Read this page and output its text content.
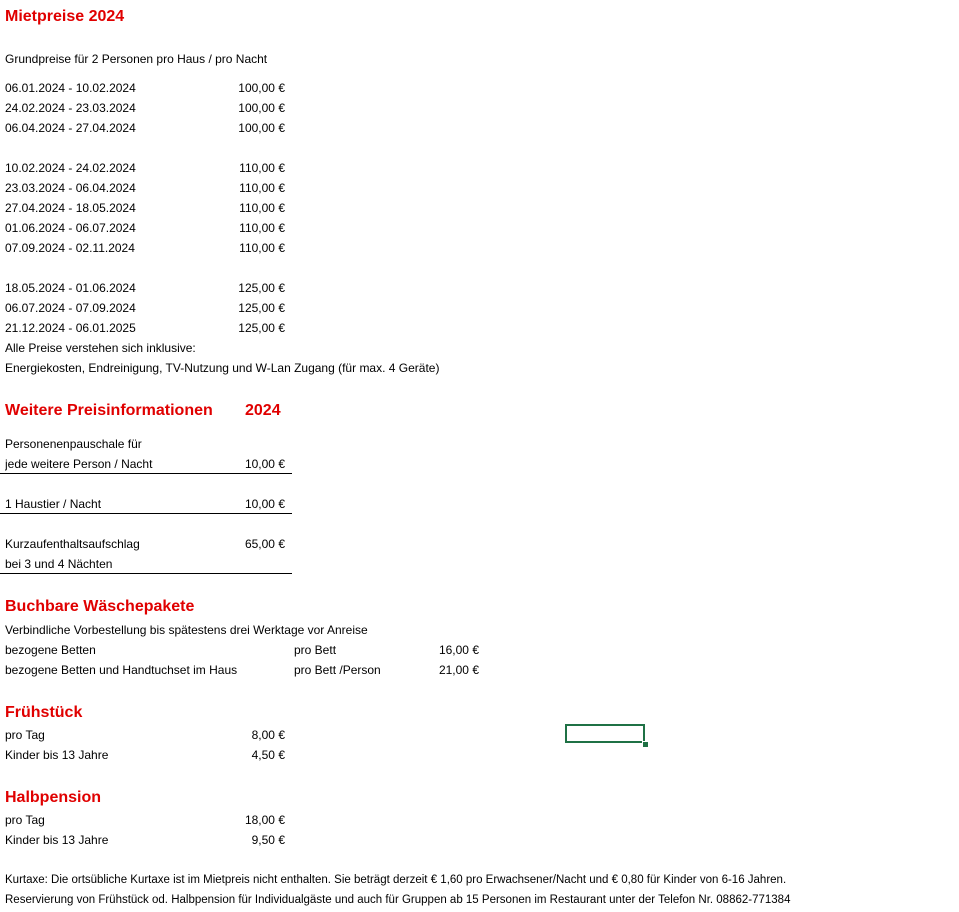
Mietpreise 2024
Grundpreise für 2 Personen pro Haus / pro Nacht
06.01.2024 - 10.02.2024	100,00 €
24.02.2024 - 23.03.2024	100,00 €
06.04.2024 - 27.04.2024	100,00 €
10.02.2024 - 24.02.2024	110,00 €
23.03.2024 - 06.04.2024	110,00 €
27.04.2024 - 18.05.2024	110,00 €
01.06.2024 - 06.07.2024	110,00 €
07.09.2024 - 02.11.2024	110,00 €
18.05.2024 - 01.06.2024	125,00 €
06.07.2024 - 07.09.2024	125,00 €
21.12.2024 - 06.01.2025	125,00 €
Alle Preise verstehen sich inklusive:
Energiekosten, Endreinigung, TV-Nutzung und W-Lan Zugang (für max. 4 Geräte)
Weitere Preisinformationen 2024
Personenenpauschale für
jede weitere Person / Nacht	10,00 €
1 Haustier / Nacht	10,00 €
Kurzaufenthaltsaufschlag	65,00 €
bei 3 und 4 Nächten
Buchbare Wäschepakete
Verbindliche Vorbestellung bis spätestens drei Werktage vor Anreise
bezogene Betten	pro Bett	16,00 €
bezogene Betten und Handtuchset im Haus	pro Bett /Person	21,00 €
Frühstück
pro Tag	8,00 €
Kinder bis 13 Jahre	4,50 €
Halbpension
pro Tag	18,00 €
Kinder bis 13 Jahre	9,50 €
Kurtaxe: Die ortsübliche Kurtaxe ist im Mietpreis nicht enthalten. Sie beträgt derzeit € 1,60 pro Erwachsener/Nacht und € 0,80 für Kinder von 6-16 Jahren.
Reservierung von Frühstück od. Halbpension für Individualgäste und auch für Gruppen ab 15 Personen im Restaurant unter der Telefon Nr. 08862-771384
